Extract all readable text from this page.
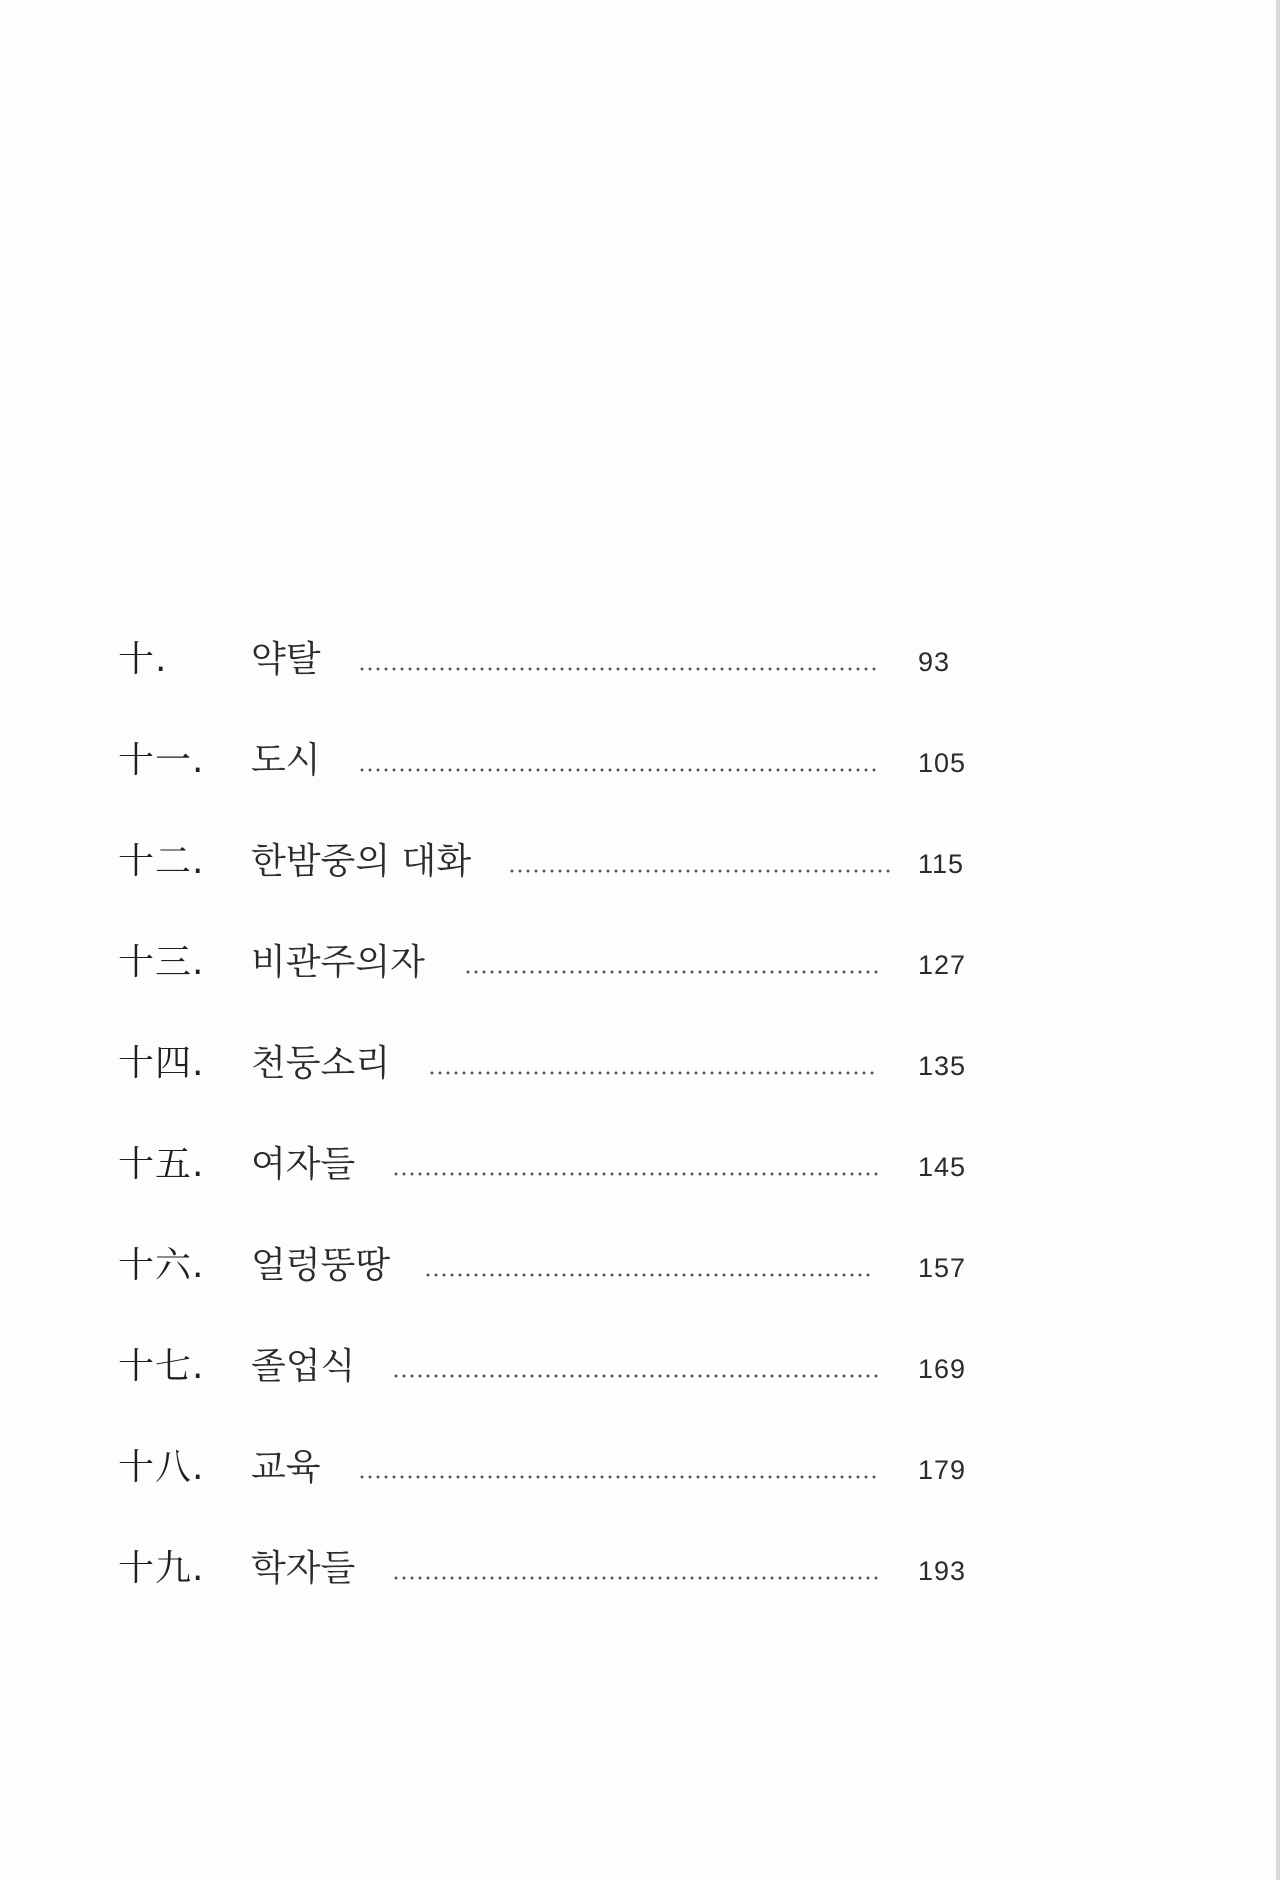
十. 약탈	93
十一. 도시	105
十二. 한밤중의 대화	115
十三. 비관주의자	127
十四. 천둥소리	135
十五. 여자들	145
十六. 얼렁뚱땅	157
十七. 졸업식	169
十八. 교육	179
十九. 학자들	193
